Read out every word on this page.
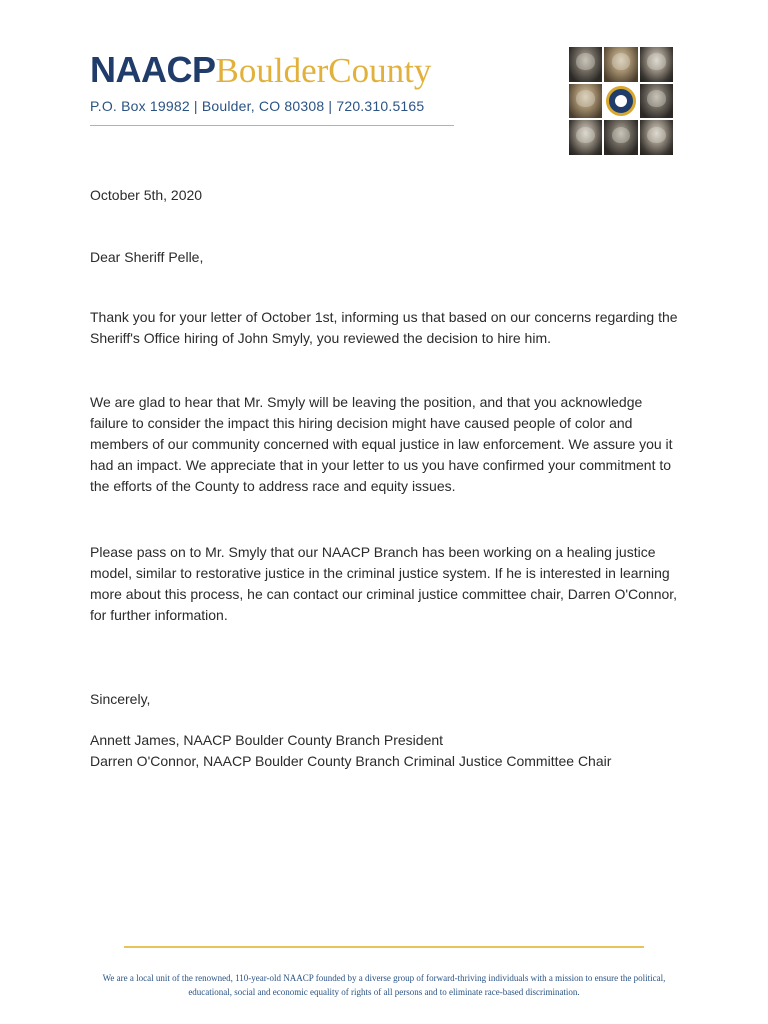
NAACPBoulderCounty
P.O. Box 19982 | Boulder, CO 80308 | 720.310.5165
October 5th, 2020
Dear Sheriff Pelle,
Thank you for your letter of October 1st, informing us that based on our concerns regarding the Sheriff's Office hiring of John Smyly, you reviewed the decision to hire him.
We are glad to hear that Mr. Smyly will be leaving the position, and that you acknowledge failure to consider the impact this hiring decision might have caused people of color and members of our community concerned with equal justice in law enforcement. We assure you it had an impact. We appreciate that in your letter to us you have confirmed your commitment to the efforts of the County to address race and equity issues.
Please pass on to Mr. Smyly that our NAACP Branch has been working on a healing justice model, similar to restorative justice in the criminal justice system. If he is interested in learning more about this process, he can contact our criminal justice committee chair, Darren O'Connor, for further information.
Sincerely,
Annett James, NAACP Boulder County Branch President
Darren O'Connor, NAACP Boulder County Branch Criminal Justice Committee Chair
We are a local unit of the renowned, 110-year-old NAACP founded by a diverse group of forward-thriving individuals with a mission to ensure the political, educational, social and economic equality of rights of all persons and to eliminate race-based discrimination.
